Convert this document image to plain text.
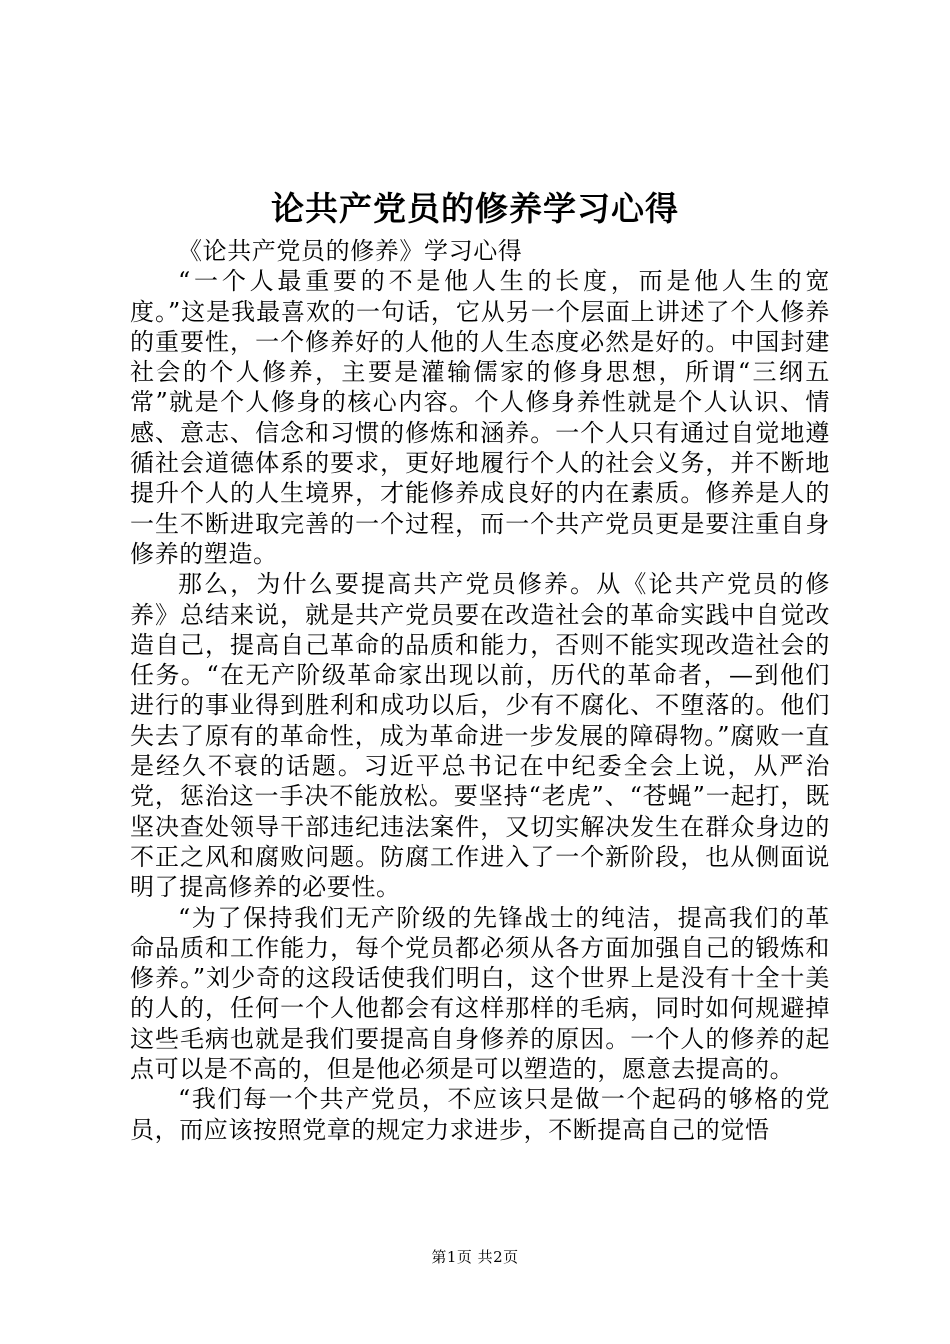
论共产党员的修养学习心得

《论共产党员的修养》学习心得

“一个人最重要的不是他人生的长度，而是他人生的宽度。”这是我最喜欢的一句话，它从另一个层面上讲述了个人修养的重要性，一个修养好的人他的人生态度必然是好的。中国封建社会的个人修养，主要是灌输儒家的修身思想，所谓“三纲五常”就是个人修身的核心内容。个人修身养性就是个人认识、情感、意志、信念和习惯的修炼和涵养。一个人只有通过自觉地遵循社会道德体系的要求，更好地履行个人的社会义务，并不断地提升个人的人生境界，才能修养成良好的内在素质。修养是人的一生不断进取完善的一个过程，而一个共产党员更是要注重自身修养的塑造。

那么，为什么要提高共产党员修养。从《论共产党员的修养》总结来说，就是共产党员要在改造社会的革命实践中自觉改造自己，提高自己革命的品质和能力，否则不能实现改造社会的任务。“在无产阶级革命家出现以前，历代的革命者，—到他们进行的事业得到胜利和成功以后，少有不腐化、不堕落的。他们失去了原有的革命性，成为革命进一步发展的障碍物。”腐败一直是经久不衰的话题。习近平总书记在中纪委全会上说，从严治党，惩治这一手决不能放松。要坚持“老虎”、“苍蝇”一起打，既坚决查处领导干部违纪违法案件，又切实解决发生在群众身边的不正之风和腐败问题。防腐工作进入了一个新阶段，也从侧面说明了提高修养的必要性。

“为了保持我们无产阶级的先锋战士的纯洁，提高我们的革命品质和工作能力，每个党员都必须从各方面加强自己的锻炼和修养。”刘少奇的这段话使我们明白，这个世界上是没有十全十美的人的，任何一个人他都会有这样那样的毛病，同时如何规避掉这些毛病也就是我们要提高自身修养的原因。一个人的修养的起点可以是不高的，但是他必须是可以塑造的，愿意去提高的。

“我们每一个共产党员，不应该只是做一个起码的够格的党员，而应该按照党章的规定力求进步，不断提高自己的觉悟

第1页 共2页
